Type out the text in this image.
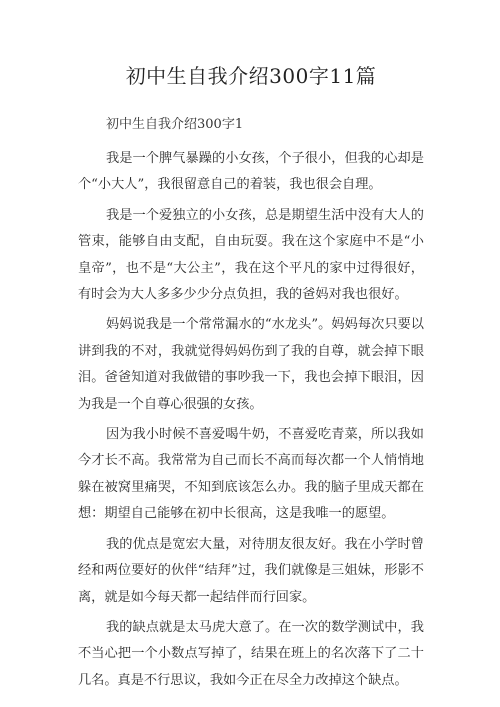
初中生自我介绍300字11篇

初中生自我介绍300字1

我是一个脾气暴躁的小女孩，个子很小，但我的心却是个“小大人”，我很留意自己的着装，我也很会自理。

我是一个爱独立的小女孩，总是期望生活中没有大人的管束，能够自由支配，自由玩耍。我在这个家庭中不是“小皇帝”，也不是“大公主”，我在这个平凡的家中过得很好，有时会为大人多多少少分点负担，我的爸妈对我也很好。

妈妈说我是一个常常漏水的“水龙头”。妈妈每次只要以讲到我的不对，我就觉得妈妈伤到了我的自尊，就会掉下眼泪。爸爸知道对我做错的事吵我一下，我也会掉下眼泪，因为我是一个自尊心很强的女孩。

因为我小时候不喜爱喝牛奶，不喜爱吃青菜，所以我如今才长不高。我常常为自己而长不高而每次都一个人悄悄地躲在被窝里痛哭，不知到底该怎么办。我的脑子里成天都在想：期望自己能够在初中长很高，这是我唯一的愿望。

我的优点是宽宏大量，对待朋友很友好。我在小学时曾经和两位要好的伙伴“结拜”过，我们就像是三姐妹，形影不离，就是如今每天都一起结伴而行回家。

我的缺点就是太马虎大意了。在一次的数学测试中，我不当心把一个小数点写掉了，结果在班上的名次落下了二十几名。真是不行思议，我如今正在尽全力改掉这个缺点。
